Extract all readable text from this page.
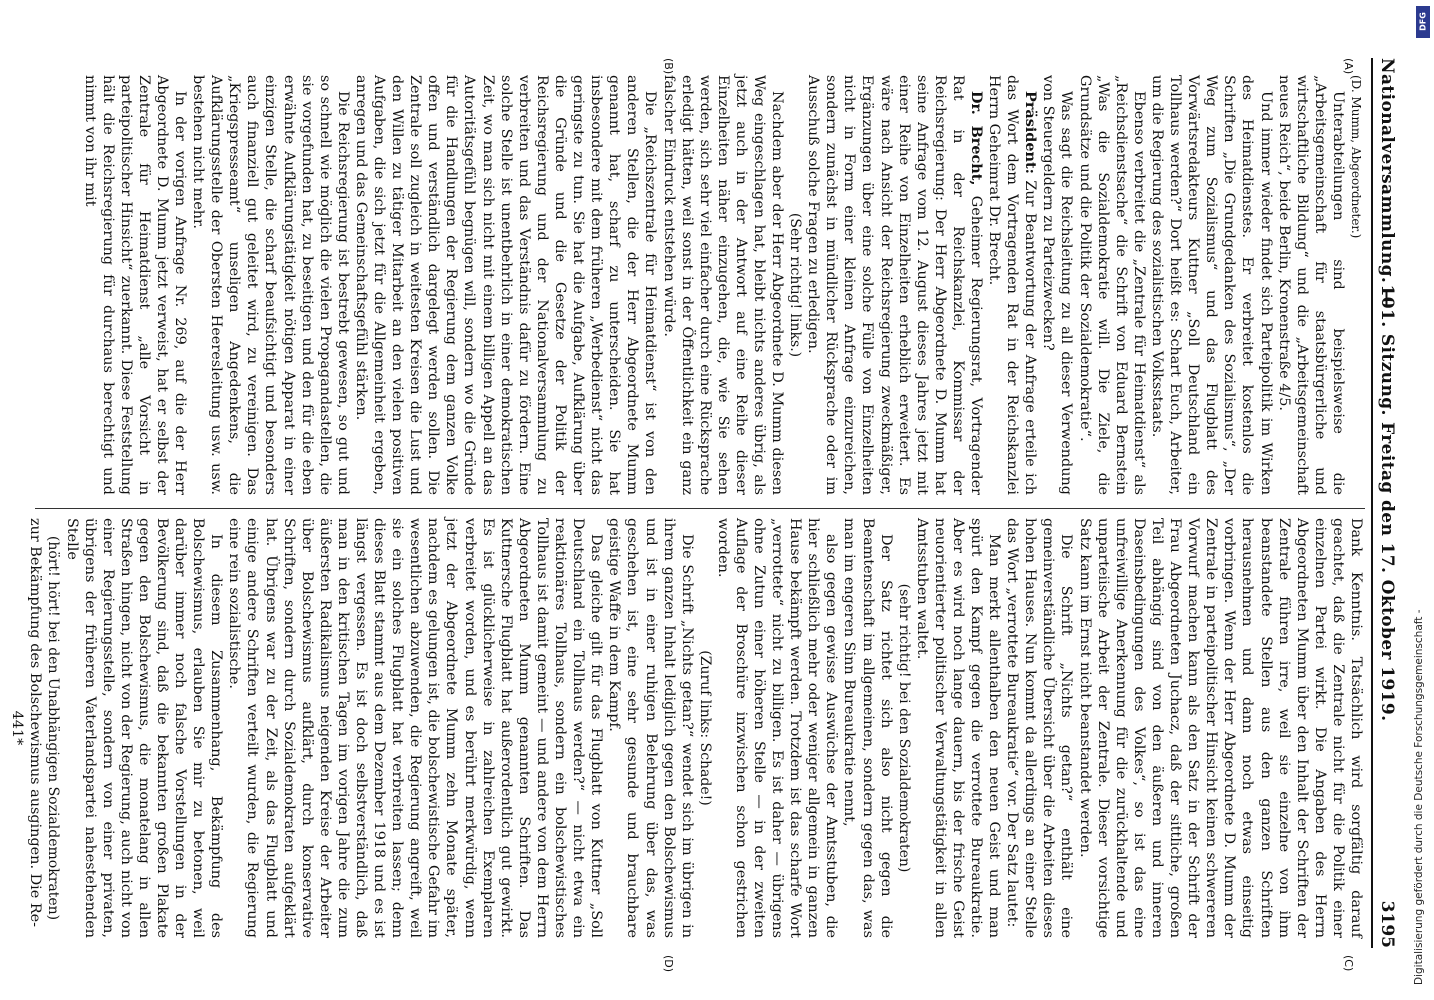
Nationalversammlung. —
101. Sitzung. Freitag den 17. Oktober 1919.
3195
(A)
(B)
(C)
(D)

(D. Mumm, Abgeordneter.)

Unterabteilungen sind beispielsweise die „Arbeitsgemeinschaft für staatsbürgerliche und wirtschaftliche Bildung“ und die „Arbeitsgemeinschaft neues Reich“, beide Berlin, Kronenstraße 4/5.

Und immer wieder findet sich Parteipolitik im Wirken des Heimatdienstes. Er verbreitet kostenlos die Schriften „Die Grundgedanken des Sozialismus“, „Der Weg zum Sozialismus“ und das Flugblatt des Vorwärtsredakteurs Kuttner „Soll Deutschland ein Tollhaus werden?“ Dort heißt es: Schart Euch, Arbeiter, um die Regierung des sozialistischen Volksstaats.

Ebenso verbreitet die „Zentrale für Heimatdienst“ als „Reichsdienstsache“ die Schrift von Eduard Bernstein „Was die Sozialdemokratie will. Die Ziele, die Grundsätze und die Politik der Sozialdemokratie“.

Was sagt die Reichsleitung zu all dieser Verwendung von Steuergeldern zu Parteizwecken?

Präsident: Zur Beantwortung der Anfrage erteile ich das Wort dem Vortragenden Rat in der Reichskanzlei Herrn Geheimrat Dr. Brecht.

Dr. Brecht, Geheimer Regierungsrat, Vortragender Rat in der Reichskanzlei, Kommissar der Reichsregierung: Der Herr Abgeordnete D. Mumm hat seine Anfrage vom 12. August dieses Jahres jetzt mit einer Reihe von Einzelheiten erheblich erweitert. Es wäre nach Ansicht der Reichsregierung zweckmäßiger, Ergänzungen über eine solche Fülle von Einzelheiten nicht in Form einer kleinen Anfrage einzureichen, sondern zunächst in mündlicher Rücksprache oder im Ausschuß solche Fragen zu erledigen.

(Sehr richtig! links.)

Nachdem aber der Herr Abgeordnete D. Mumm diesen Weg eingeschlagen hat, bleibt nichts anderes übrig, als jetzt auch in der Antwort auf eine Reihe dieser Einzelheiten näher einzugehen, die, wie Sie sehen werden, sich sehr viel einfacher durch eine Rücksprache erledigt hätten, weil sonst in der Öffentlichkeit ein ganz falscher Eindruck entstehen würde.

Die „Reichszentrale für Heimatdienst“ ist von den anderen Stellen, die der Herr Abgeordnete Mumm genannt hat, scharf zu unterscheiden. Sie hat insbesondere mit dem früheren „Werbedienst“ nicht das geringste zu tun. Sie hat die Aufgabe, Aufklärung über die Gründe und die Gesetze der Politik der Reichsregierung und der Nationalversammlung zu verbreiten und das Verständnis dafür zu fördern. Eine solche Stelle ist unentbehrlich in einer demokratischen Zeit, wo man sich nicht mit einem billigen Appell an das Autoritätsgefühl begnügen will, sondern wo die Gründe für die Handlungen der Regierung dem ganzen Volke offen und verständlich dargelegt werden sollen. Die Zentrale soll zugleich in weitesten Kreisen die Lust und den Willen zu tätiger Mitarbeit an den vielen positiven Aufgaben, die sich jetzt für die Allgemeinheit ergeben, anregen und das Gemeinschaftsgefühl stärken.

Die Reichsregierung ist bestrebt gewesen, so gut und so schnell wie möglich die vielen Propagandastellen, die sie vorgefunden hat, zu beseitigen und den für die eben erwähnte Aufklärungstätigkeit nötigen Apparat in einer einzigen Stelle, die scharf beaufsichtigt und besonders auch finanziell gut geleitet wird, zu vereinigen. Das „Kriegspresseamt“ unseligen Angedenkens, die Aufklärungsstelle der Obersten Heeresleitung usw. usw. bestehen nicht mehr.

In der vorigen Anfrage Nr. 269, auf die der Herr Abgeordnete D. Mumm jetzt verweist, hat er selbst der Zentrale für Heimatdienst „alle Vorsicht in parteipolitischer Hinsicht“ zuerkannt. Diese Feststellung hält die Reichsregierung für durchaus berechtigt und nimmt von ihr mit

Dank Kenntnis. Tatsächlich wird sorgfältig darauf geachtet, daß die Zentrale nicht für die Politik einer einzelnen Partei wirkt. Die Angaben des Herrn Abgeordneten Mumm über den Inhalt der Schriften der Zentrale führen irre, weil sie einzelne von ihm beanstandete Stellen aus den ganzen Schriften herausnehmen und dann noch etwas einseitig vorbringen. Wenn der Herr Abgeordnete D. Mumm der Zentrale in parteipolitischer Hinsicht keinen schwereren Vorwurf machen kann als den Satz in der Schrift der Frau Abgeordneten Juchacz, daß der sittliche, großen Teil abhängig sind von den äußeren und inneren Daseinsbedingungen des Volkes“, so ist das eine unfreiwillige Anerkennung für die zurückhaltende und unparteiische Arbeit der Zentrale. Dieser vorsichtige Satz kann im Ernst nicht beanstandet werden.

Die Schrift „Nichts getan?“ enthält eine gemeinverständliche Übersicht über die Arbeiten dieses hohen Hauses. Nun kommt da allerdings an einer Stelle das Wort „verrottete Bureaukratie“ vor. Der Satz lautet:

Man merkt allenthalben den neuen Geist und man spürt den Kampf gegen die verrottete Bureaukratie. Aber es wird noch lange dauern, bis der frische Geist neuorientierter politischer Verwaltungstätigkeit in allen Amtsstuben waltet.

(sehr richtig! bei den Sozialdemokraten)

Der Satz richtet sich also nicht gegen die Beamtenschaft im allgemeinen, sondern gegen das, was man im engeren Sinn Bureaukratie nennt,

also gegen gewisse Auswüchse der Amtsstuben, die hier schließlich mehr oder weniger allgemein in ganzen Hause bekämpft werden. Trotzdem ist das scharfe Wort „verrottete“ nicht zu billigen. Es ist daher — übrigens ohne Zutun einer höheren Stelle — in der zweiten Auflage der Broschüre inzwischen schon gestrichen worden.

(Zuruf links: Schade!)

Die Schrift „Nichts getan?“ wendet sich im übrigen in ihrem ganzen Inhalt lediglich gegen den Bolschewismus und ist in einer ruhigen Belehrung über das, was geschehen ist, eine sehr gesunde und brauchbare geistige Waffe in dem Kampf.

Das gleiche gilt für das Flugblatt von Kuttner „Soll Deutschland ein Tollhaus werden?“ — nicht etwa ein reaktionäres Tollhaus, sondern ein bolschewistisches Tollhaus ist damit gemeint — und andere von dem Herrn Abgeordneten Mumm genannten Schriften. Das Kuttnersche Flugblatt hat außerordentlich gut gewirkt. Es ist glücklicherweise in zahlreichen Exemplaren verbreitet worden, und es berührt merkwürdig, wenn jetzt der Abgeordnete Mumm zehn Monate später, nachdem es gelungen ist, die bolschewistische Gefahr im wesentlichen abzuwenden, die Regierung angreift, weil sie ein solches Flugblatt hat verbreiten lassen; denn dieses Blatt stammt aus dem Dezember 1918 und es ist längst vergessen. Es ist doch selbstverständlich, daß man in den kritischen Tagen im vorigen Jahre die zum äußersten Radikalismus neigenden Kreise der Arbeiter über Bolschewismus aufklärt, durch konservative Schriften, sondern durch Sozialdemokraten aufgeklärt hat. Übrigens war zu der Zeit, als das Flugblatt und einige andere Schriften verteilt wurden, die Regierung eine rein sozialistische.

In diesem Zusammenhang, Bekämpfung des Bolschewismus, erlauben Sie mir zu betonen, weil darüber immer noch falsche Vorstellungen in der Bevölkerung sind, daß die bekannten großen Plakate gegen den Bolschewismus, die monatelang in allen Straßen hingen, nicht von der Regierung, auch nicht von einer Regierungsstelle, sondern von einer privaten, übrigens der früheren Vaterlandspartei nahestehenden Stelle

(hört! hört! bei den Unabhängigen Sozialdemokraten)

zur Bekämpfung des Bolschewismus ausgingen. Die Re-

441*	Digitalisierung gefördert durch die Deutsche Forschungsgemeinschaft -
DFG
